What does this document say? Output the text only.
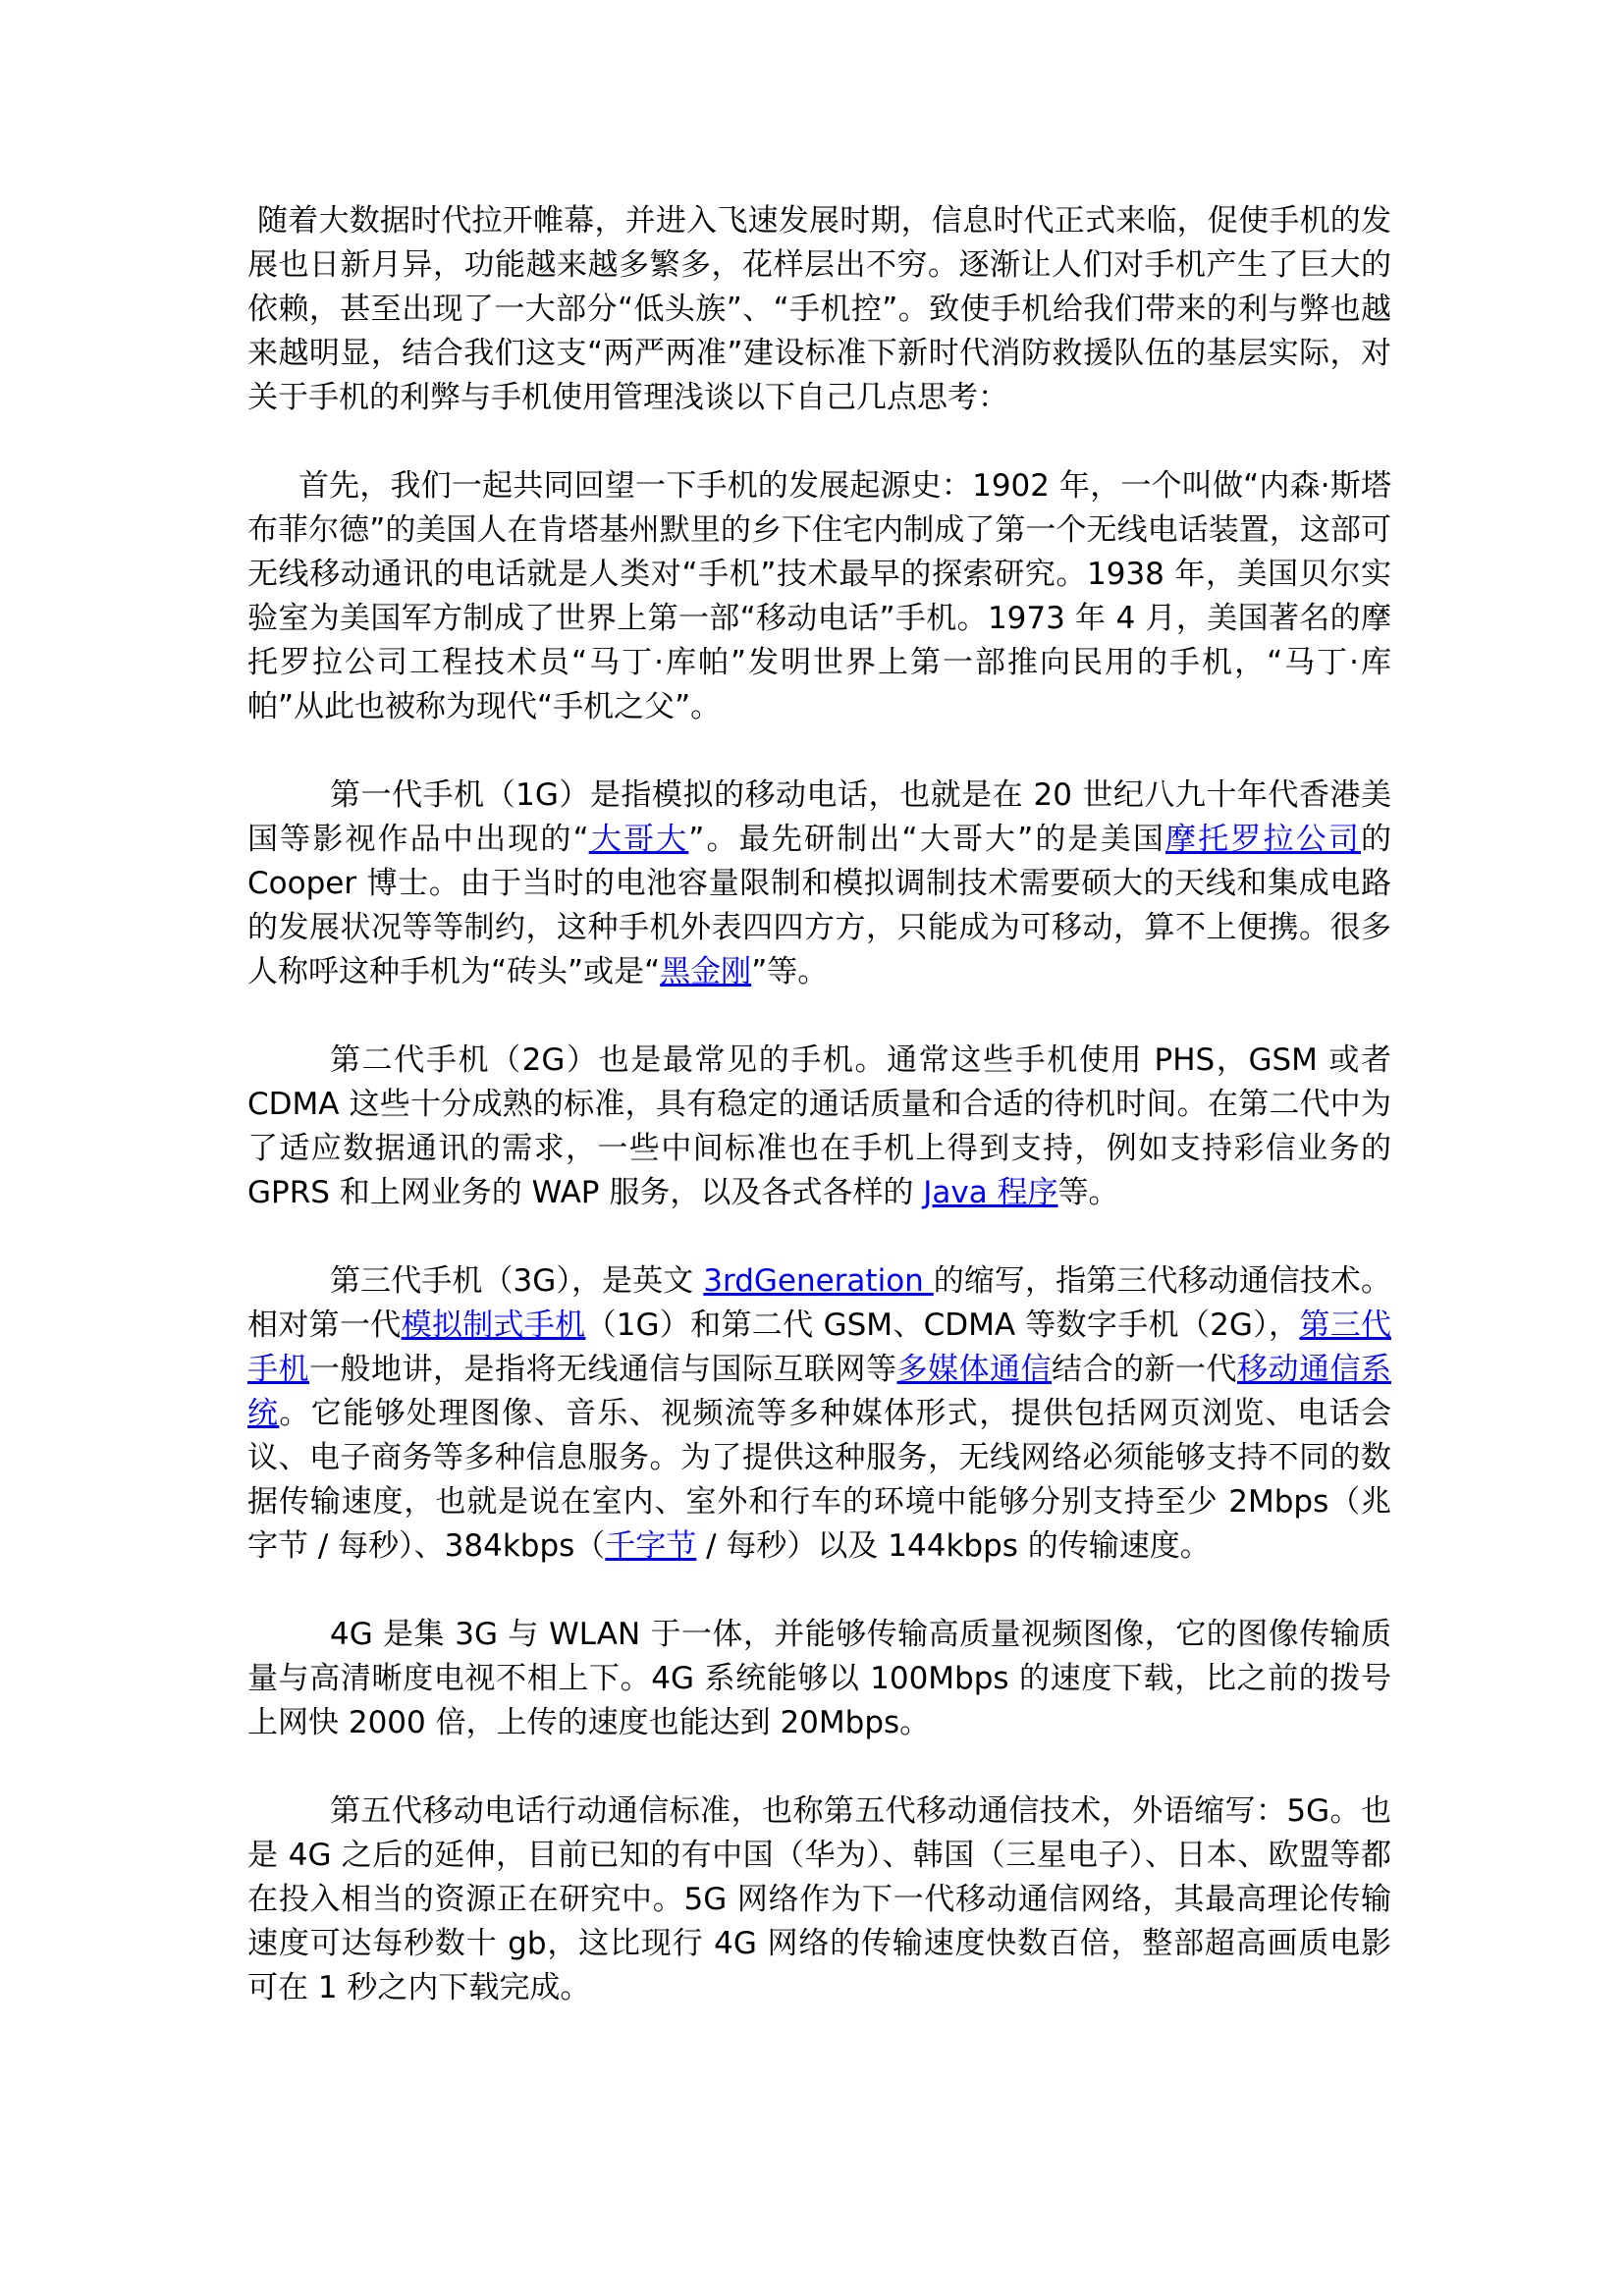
随着大数据时代拉开帷幕，并进入飞速发展时期，信息时代正式来临，促使手机的发展也日新月异，功能越来越多繁多，花样层出不穷。逐渐让人们对手机产生了巨大的依赖，甚至出现了一大部分“低头族”、“手机控”。致使手机给我们带来的利与弊也越来越明显，结合我们这支“两严两准”建设标准下新时代消防救援队伍的基层实际，对关于手机的利弊与手机使用管理浅谈以下自己几点思考：

首先，我们一起共同回望一下手机的发展起源史：1902 年，一个叫做“内森·斯塔布菲尔德”的美国人在肯塔基州默里的乡下住宅内制成了第一个无线电话装置，这部可无线移动通讯的电话就是人类对“手机”技术最早的探索研究。1938 年，美国贝尔实验室为美国军方制成了世界上第一部“移动电话”手机。1973 年 4 月，美国著名的摩托罗拉公司工程技术员“马丁·库帕”发明世界上第一部推向民用的手机，“马丁·库帕”从此也被称为现代“手机之父”。

第一代手机（1G）是指模拟的移动电话，也就是在 20 世纪八九十年代香港美国等影视作品中出现的“大哥大”。最先研制出“大哥大”的是美国摩托罗拉公司的 Cooper 博士。由于当时的电池容量限制和模拟调制技术需要硕大的天线和集成电路的发展状况等等制约，这种手机外表四四方方，只能成为可移动，算不上便携。很多人称呼这种手机为“砖头”或是“黑金刚”等。

第二代手机（2G）也是最常见的手机。通常这些手机使用 PHS，GSM 或者 CDMA 这些十分成熟的标准，具有稳定的通话质量和合适的待机时间。在第二代中为了适应数据通讯的需求，一些中间标准也在手机上得到支持，例如支持彩信业务的 GPRS 和上网业务的 WAP 服务，以及各式各样的 Java 程序等。

第三代手机（3G），是英文 3rdGeneration 的缩写，指第三代移动通信技术。相对第一代模拟制式手机（1G）和第二代 GSM、CDMA 等数字手机（2G），第三代手机一般地讲，是指将无线通信与国际互联网等多媒体通信结合的新一代移动通信系统。它能够处理图像、音乐、视频流等多种媒体形式，提供包括网页浏览、电话会议、电子商务等多种信息服务。为了提供这种服务，无线网络必须能够支持不同的数据传输速度，也就是说在室内、室外和行车的环境中能够分别支持至少 2Mbps（兆字节 / 每秒）、384kbps（千字节 / 每秒）以及 144kbps 的传输速度。

4G 是集 3G 与 WLAN 于一体，并能够传输高质量视频图像，它的图像传输质量与高清晰度电视不相上下。4G 系统能够以 100Mbps 的速度下载，比之前的拨号上网快 2000 倍，上传的速度也能达到 20Mbps。

第五代移动电话行动通信标准，也称第五代移动通信技术，外语缩写：5G。也是 4G 之后的延伸，目前已知的有中国（华为）、韩国（三星电子）、日本、欧盟等都在投入相当的资源正在研究中。5G 网络作为下一代移动通信网络，其最高理论传输速度可达每秒数十 gb，这比现行 4G 网络的传输速度快数百倍，整部超高画质电影可在 1 秒之内下载完成。
